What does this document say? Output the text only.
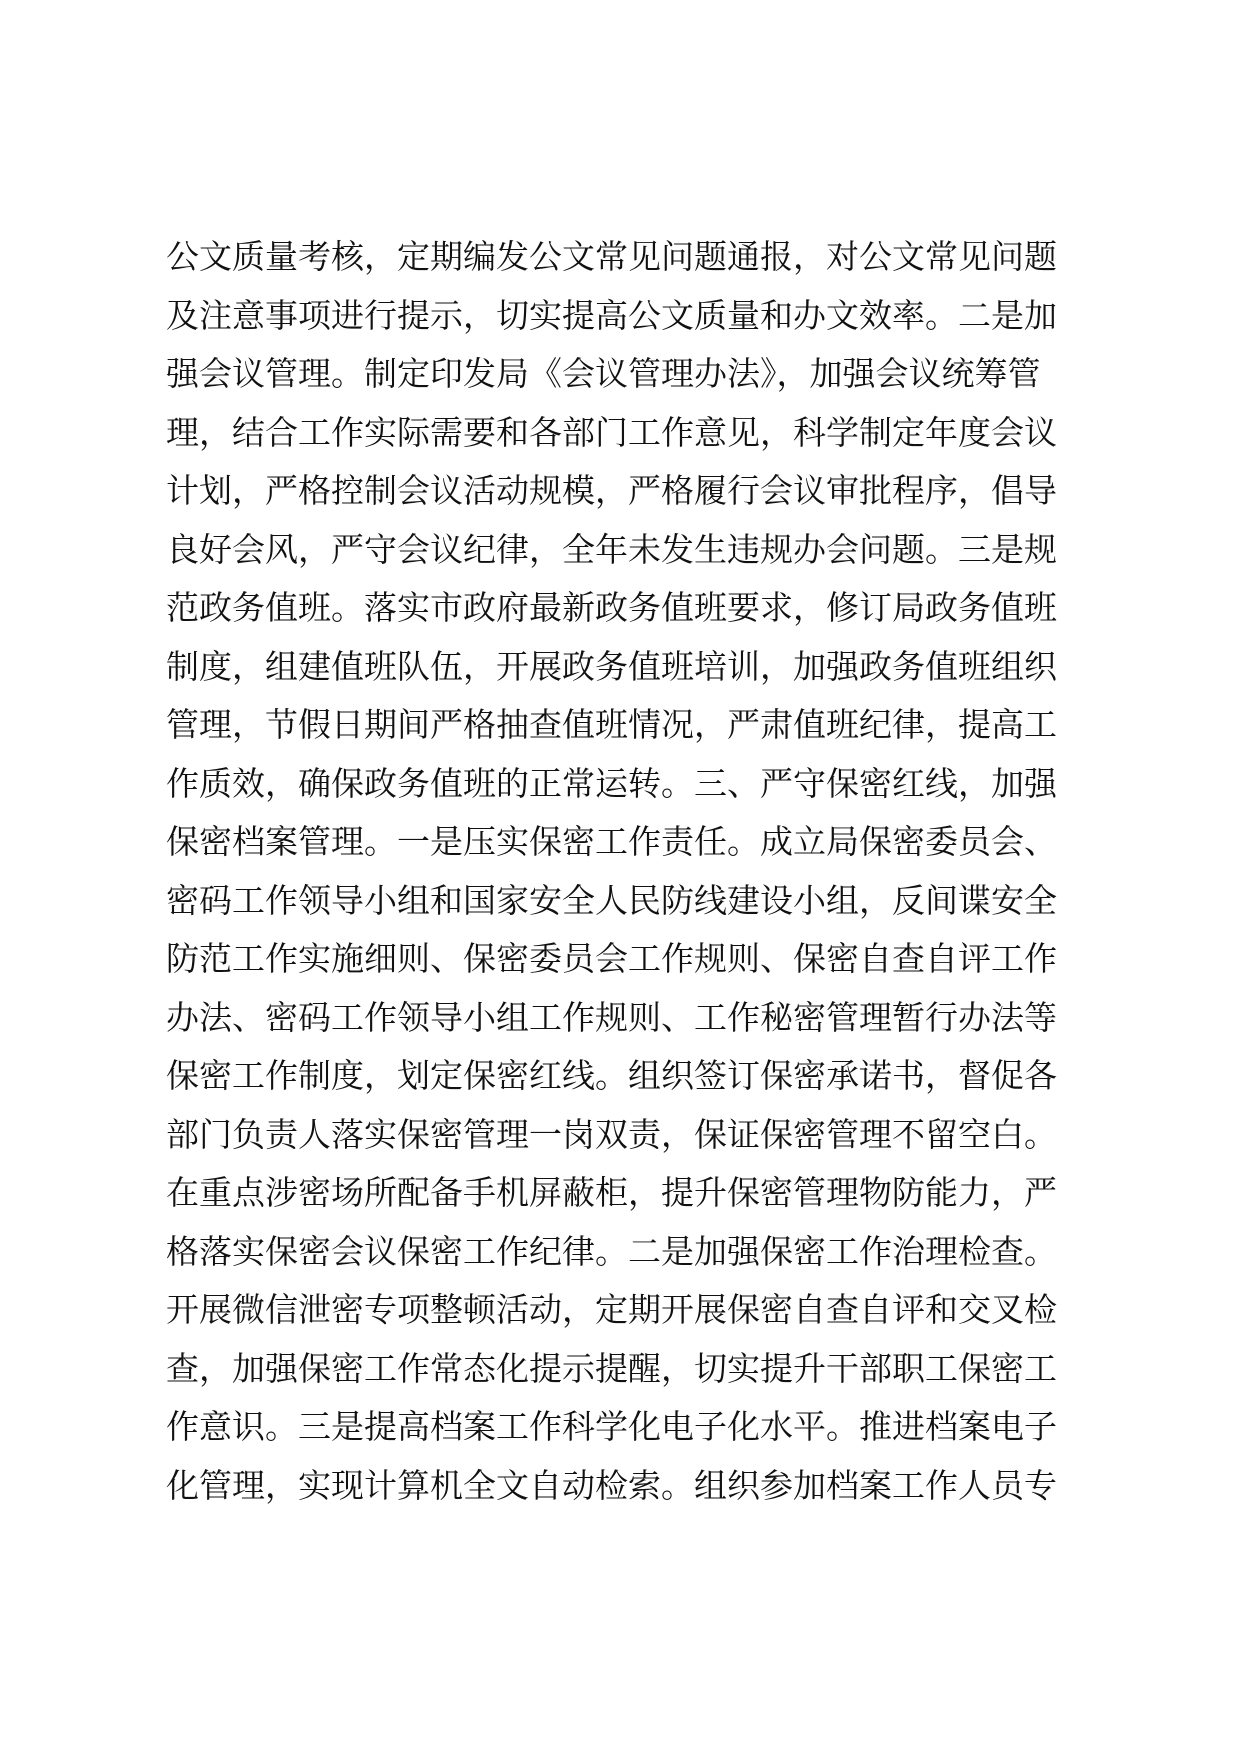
公文质量考核，定期编发公文常见问题通报，对公文常见问题
及注意事项进行提示，切实提高公文质量和办文效率。二是加
强会议管理。制定印发局《会议管理办法》，加强会议统筹管
理，结合工作实际需要和各部门工作意见，科学制定年度会议
计划，严格控制会议活动规模，严格履行会议审批程序，倡导
良好会风，严守会议纪律，全年未发生违规办会问题。三是规
范政务值班。落实市政府最新政务值班要求，修订局政务值班
制度，组建值班队伍，开展政务值班培训，加强政务值班组织
管理，节假日期间严格抽查值班情况，严肃值班纪律，提高工
作质效，确保政务值班的正常运转。三、严守保密红线，加强
保密档案管理。一是压实保密工作责任。成立局保密委员会、
密码工作领导小组和国家安全人民防线建设小组，反间谍安全
防范工作实施细则、保密委员会工作规则、保密自查自评工作
办法、密码工作领导小组工作规则、工作秘密管理暂行办法等
保密工作制度，划定保密红线。组织签订保密承诺书，督促各
部门负责人落实保密管理一岗双责，保证保密管理不留空白。
在重点涉密场所配备手机屏蔽柜，提升保密管理物防能力，严
格落实保密会议保密工作纪律。二是加强保密工作治理检查。
开展微信泄密专项整顿活动，定期开展保密自查自评和交叉检
查，加强保密工作常态化提示提醒，切实提升干部职工保密工
作意识。三是提高档案工作科学化电子化水平。推进档案电子
化管理，实现计算机全文自动检索。组织参加档案工作人员专
